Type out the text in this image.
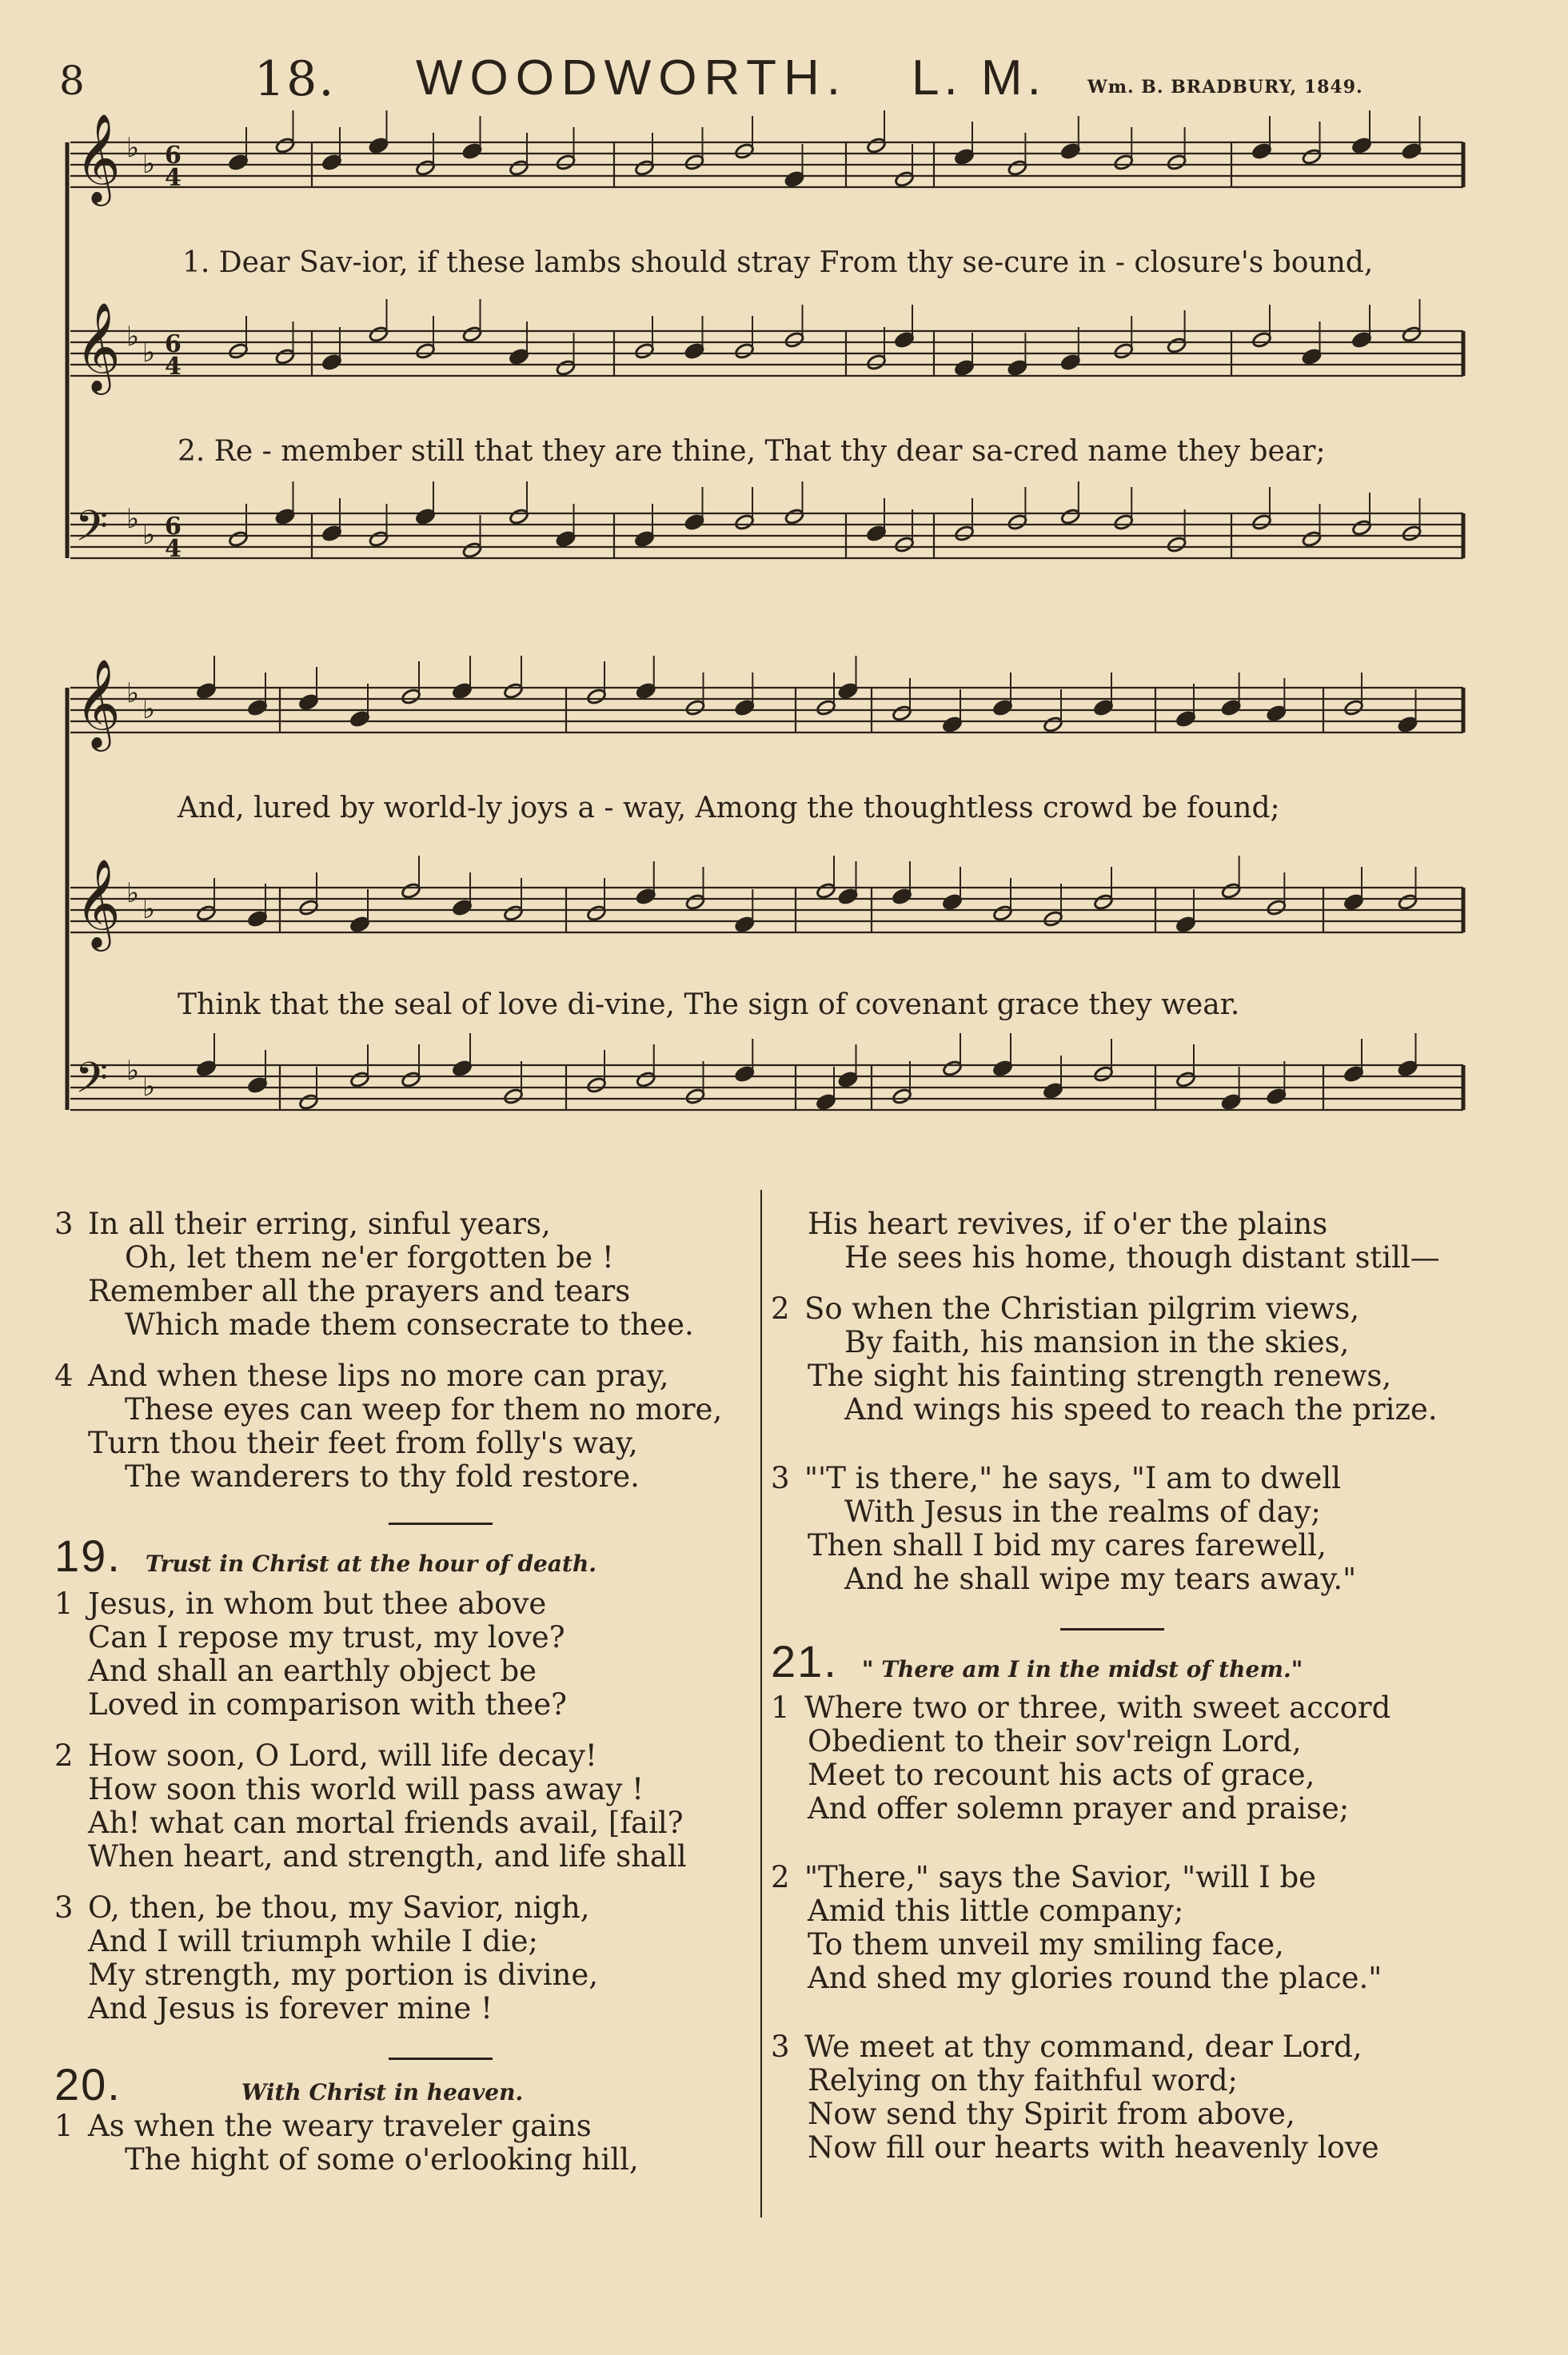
8	18. WOODWORTH. L. M. Wm. B. BRADBURY, 1849.
𝄞 ♭ ♭ 6
4
𝄞 ♭ ♭ 6
4
𝄢 ♭ ♭ 6
4
𝄞 ♭ ♭
𝄞 ♭ ♭
𝄢 ♭ ♭
1. Dear Sav-ior, if these lambs should stray From thy se-cure in - closure's bound,
2. Re - member still that they are thine, That thy dear sa-cred name they bear;
And, lured by world-ly joys a - way, Among the thoughtless crowd be found;
Think that the seal of love di-vine, The sign of covenant grace they wear.
3 In all their erring, sinful years,
Oh, let them ne'er forgotten be !
Remember all the prayers and tears
Which made them consecrate to thee.
4 And when these lips no more can pray,
These eyes can weep for them no more,
Turn thou their feet from folly's way,
The wanderers to thy fold restore.
19. Trust in Christ at the hour of death.
1 Jesus, in whom but thee above
Can I repose my trust, my love?
And shall an earthly object be
Loved in comparison with thee?
2 How soon, O Lord, will life decay!
How soon this world will pass away !
Ah! what can mortal friends avail, [fail?
When heart, and strength, and life shall
3 O, then, be thou, my Savior, nigh,
And I will triumph while I die;
My strength, my portion is divine,
And Jesus is forever mine !
20.	With Christ in heaven.
1 As when the weary traveler gains
The hight of some o'erlooking hill,
His heart revives, if o'er the plains
He sees his home, though distant still—
2 So when the Christian pilgrim views,
By faith, his mansion in the skies,
The sight his fainting strength renews,
And wings his speed to reach the prize.
3 "'T is there," he says, "I am to dwell
With Jesus in the realms of day;
Then shall I bid my cares farewell,
And he shall wipe my tears away."
21. " There am I in the midst of them."
1 Where two or three, with sweet accord
Obedient to their sov'reign Lord,
Meet to recount his acts of grace,
And offer solemn prayer and praise;
2 "There," says the Savior, "will I be
Amid this little company;
To them unveil my smiling face,
And shed my glories round the place."
3 We meet at thy command, dear Lord,
Relying on thy faithful word;
Now send thy Spirit from above,
Now fill our hearts with heavenly love
